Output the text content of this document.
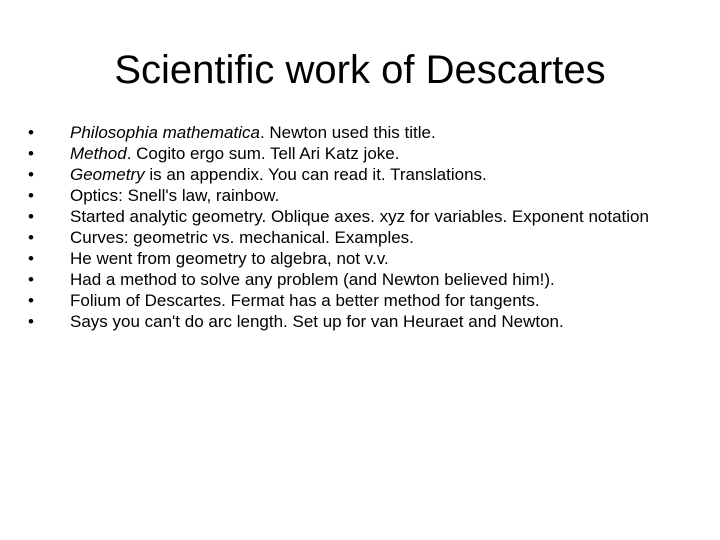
Scientific work of Descartes
•	Philosophia mathematica. Newton used this title.
•	Method. Cogito ergo sum. Tell Ari Katz joke.
•	Geometry is an appendix. You can read it. Translations.
•	Optics: Snell's law, rainbow.
•	Started analytic geometry. Oblique axes. xyz for variables. Exponent notation
•	Curves: geometric vs. mechanical. Examples.
•	He went from geometry to algebra, not v.v.
•	Had a method to solve any problem (and Newton believed him!).
•	Folium of Descartes. Fermat has a better method for tangents.
•	Says you can't do arc length. Set up for van Heuraet and Newton.
